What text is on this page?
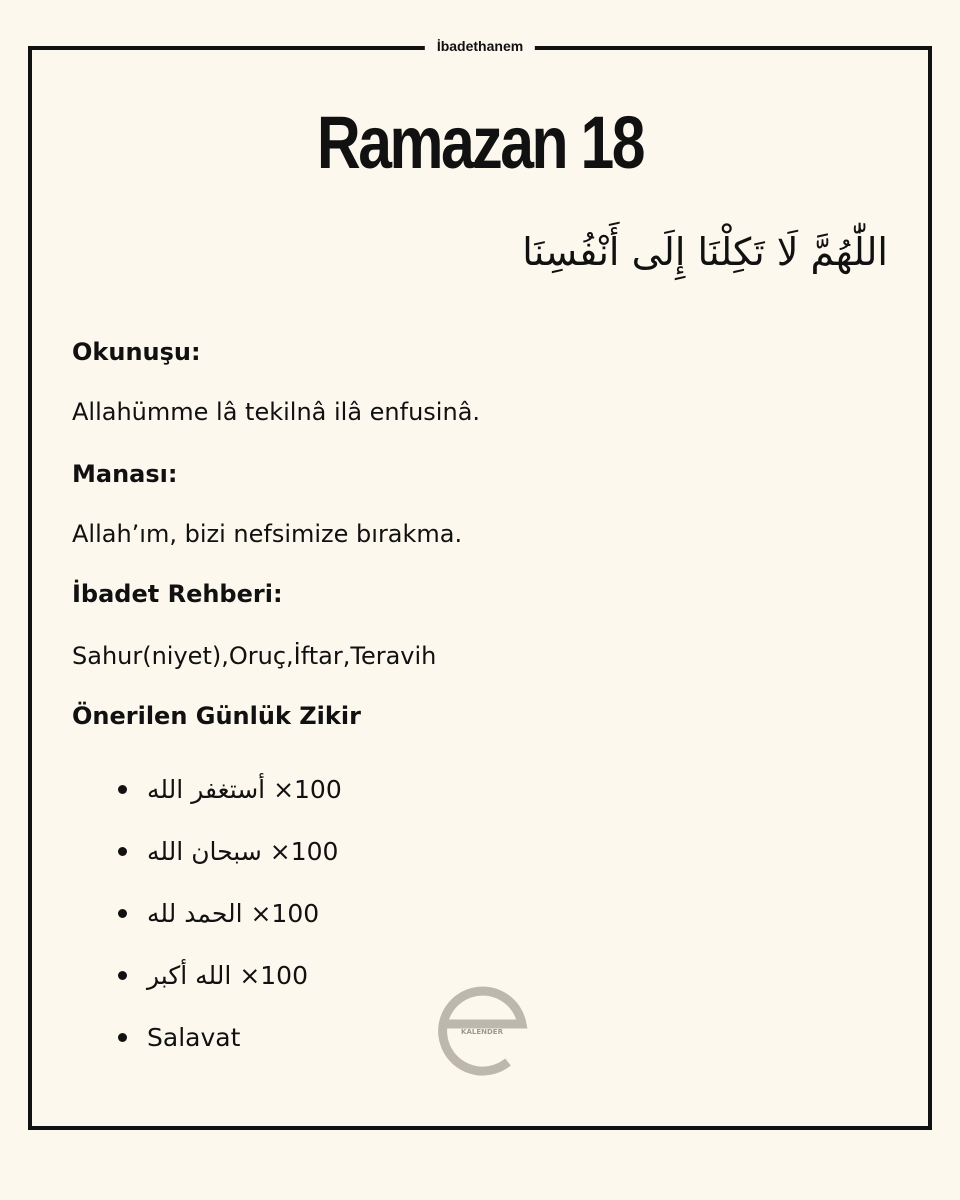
İbadethanem
Ramazan 18
اللّٰهُمَّ لَا تَكِلْنَا إِلَى أَنْفُسِنَا
Okunuşu:
Allahümme lâ tekilnâ ilâ enfusinâ.
Manası:
Allah’ım, bizi nefsimize bırakma.
İbadet Rehberi:
Sahur(niyet),Oruç,İftar,Teravih
Önerilen Günlük Zikir
100× أستغفر الله
100× سبحان الله
100× الحمد لله
100× الله أكبر
Salavat	KALENDER
